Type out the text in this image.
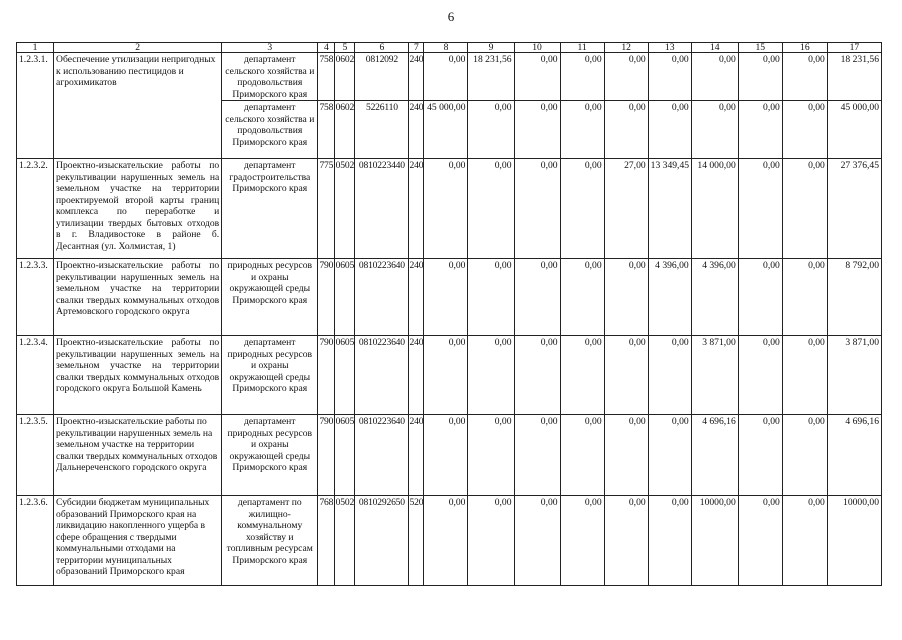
6
1	2	3	4	5	6	7	8	9	10	11	12	13	14	15	16	17
1.2.3.1.	Обеспечение утилизации непригодных к использованию пестицидов и агрохимикатов	департамент сельского хозяйства и продовольствия Приморского края	758	0602	0812092	240	0,00	18 231,56	0,00	0,00	0,00	0,00	0,00	0,00	0,00	18 231,56
		департамент сельского хозяйства и продовольствия Приморского края	758	0602	5226110	240	45 000,00	0,00	0,00	0,00	0,00	0,00	0,00	0,00	0,00	45 000,00
1.2.3.2.	Проектно-изыскательские работы по рекультивации нарушенных земель на земельном участке на территории проектируемой второй карты границ комплекса по переработке и утилизации твердых бытовых отходов в г. Владивостоке в районе б. Десантная (ул. Холмистая, 1)	департамент градостроительства Приморского края	775	0502	0810223440	240	0,00	0,00	0,00	0,00	27,00	13 349,45	14 000,00	0,00	0,00	27 376,45
1.2.3.3.	Проектно-изыскательские работы по рекультивации нарушенных земель на земельном участке на территории свалки твердых коммунальных отходов Артемовского городского округа	природных ресурсов и охраны окружающей среды Приморского края	790	0605	0810223640	240	0,00	0,00	0,00	0,00	0,00	4 396,00	4 396,00	0,00	0,00	8 792,00
1.2.3.4.	Проектно-изыскательские работы по рекультивации нарушенных земель на земельном участке на территории свалки твердых коммунальных отходов городского округа Большой Камень	департамент природных ресурсов и охраны окружающей среды Приморского края	790	0605	0810223640	240	0,00	0,00	0,00	0,00	0,00	0,00	3 871,00	0,00	0,00	3 871,00
1.2.3.5.	Проектно-изыскательские работы по рекультивации нарушенных земель на земельном участке на территории свалки твердых коммунальных отходов Дальнереченского городского округа	департамент природных ресурсов и охраны окружающей среды Приморского края	790	0605	0810223640	240	0,00	0,00	0,00	0,00	0,00	0,00	4 696,16	0,00	0,00	4 696,16
1.2.3.6.	Субсидии бюджетам муниципальных образований Приморского края на ликвидацию накопленного ущерба в сфере обращения с твердыми коммунальными отходами на территории муниципальных образований Приморского края	департамент по жилищно-коммунальному хозяйству и топливным ресурсам Приморского края	768	0502	0810292650	520	0,00	0,00	0,00	0,00	0,00	0,00	10000,00	0,00	0,00	10000,00
